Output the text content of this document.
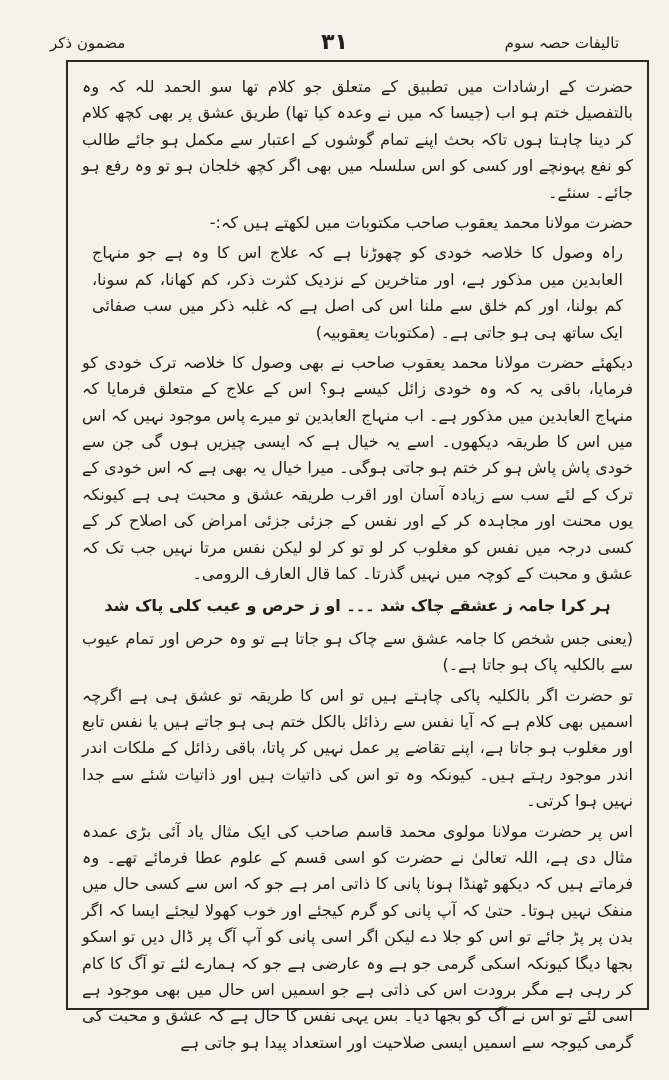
تالیفات حصہ سوم
۳۱
مضمون ذکر

حضرت کے ارشادات میں تطبیق کے متعلق جو کلام تھا سو الحمد للہ کہ وہ بالتفصیل ختم ہو اب (جیسا کہ میں نے وعدہ کیا تھا) طریق عشق پر بھی کچھ کلام کر دینا چاہتا ہوں تاکہ بحث اپنے تمام گوشوں کے اعتبار سے مکمل ہو جائے طالب کو نفع پہونچے اور کسی کو اس سلسلہ میں بھی اگر کچھ خلجان ہو تو وہ رفع ہو جائے۔ سنئے۔

حضرت مولانا محمد یعقوب صاحب مکتوبات میں لکھتے ہیں کہ:-

راہ وصول کا خلاصہ خودی کو چھوڑنا ہے کہ علاج اس کا وہ ہے جو منہاج العابدین میں مذکور ہے، اور متاخرین کے نزدیک کثرت ذکر، کم کھانا، کم سونا، کم بولنا، اور کم خلق سے ملنا اس کی اصل ہے کہ غلبہ ذکر میں سب صفائی ایک ساتھ ہی ہو جاتی ہے۔ (مکتوبات یعقوبیہ)

دیکھئے حضرت مولانا محمد یعقوب صاحب نے بھی وصول کا خلاصہ ترک خودی کو فرمایا، باقی یہ کہ وہ خودی زائل کیسے ہو؟ اس کے علاج کے متعلق فرمایا کہ منہاج العابدین میں مذکور ہے۔ اب منہاج العابدین تو میرے پاس موجود نہیں کہ اس میں اس کا طریقہ دیکھوں۔ اسے یہ خیال ہے کہ ایسی چیزیں ہوں گی جن سے خودی پاش پاش ہو کر ختم ہو جاتی ہوگی۔ میرا خیال یہ بھی ہے کہ اس خودی کے ترک کے لئے سب سے زیادہ آسان اور اقرب طریقہ عشق و محبت ہی ہے کیونکہ یوں محنت اور مجاہدہ کر کے اور نفس کے جزئی جزئی امراض کی اصلاح کر کے کسی درجہ میں نفس کو مغلوب کر لو تو کر لو لیکن نفس مرتا نہیں جب تک کہ عشق و محبت کے کوچہ میں نہیں گذرتا۔ کما قال العارف الرومی۔

ہر کرا جامہ ز عشقے چاک شد ۔۔۔ او ز حرص و عیب کلی پاک شد

(یعنی جس شخص کا جامہ عشق سے چاک ہو جاتا ہے تو وہ حرص اور تمام عیوب سے بالکلیہ پاک ہو جاتا ہے۔)

تو حضرت اگر بالکلیہ پاکی چاہتے ہیں تو اس کا طریقہ تو عشق ہی ہے اگرچہ اسمیں بھی کلام ہے کہ آیا نفس سے رذائل بالکل ختم ہی ہو جاتے ہیں یا نفس تابع اور مغلوب ہو جاتا ہے، اپنے تقاضے پر عمل نہیں کر پاتا، باقی رذائل کے ملکات اندر اندر موجود رہتے ہیں۔ کیونکہ وہ تو اس کی ذاتیات ہیں اور ذاتیات شئے سے جدا نہیں ہوا کرتی۔

اس پر حضرت مولانا مولوی محمد قاسم صاحب کی ایک مثال یاد آئی بڑی عمدہ مثال دی ہے، اللہ تعالیٰ نے حضرت کو اسی قسم کے علوم عطا فرمائے تھے۔ وہ فرماتے ہیں کہ دیکھو ٹھنڈا ہونا پانی کا ذاتی امر ہے جو کہ اس سے کسی حال میں منفک نہیں ہوتا۔ حتیٰ کہ آپ پانی کو گرم کیجئے اور خوب کھولا لیجئے ایسا کہ اگر بدن پر پڑ جائے تو اس کو جلا دے لیکن اگر اسی پانی کو آپ آگ پر ڈال دیں تو اسکو بجھا دیگا کیونکہ اسکی گرمی جو ہے وہ عارضی ہے جو کہ ہمارے لئے تو آگ کا کام کر رہی ہے مگر برودت اس کی ذاتی ہے جو اسمیں اس حال میں بھی موجود ہے اسی لئے تو اس نے آگ کو بجھا دیا۔ بس یہی نفس کا حال ہے کہ عشق و محبت کی گرمی کیوجہ سے اسمیں ایسی صلاحیت اور استعداد پیدا ہو جاتی ہے
